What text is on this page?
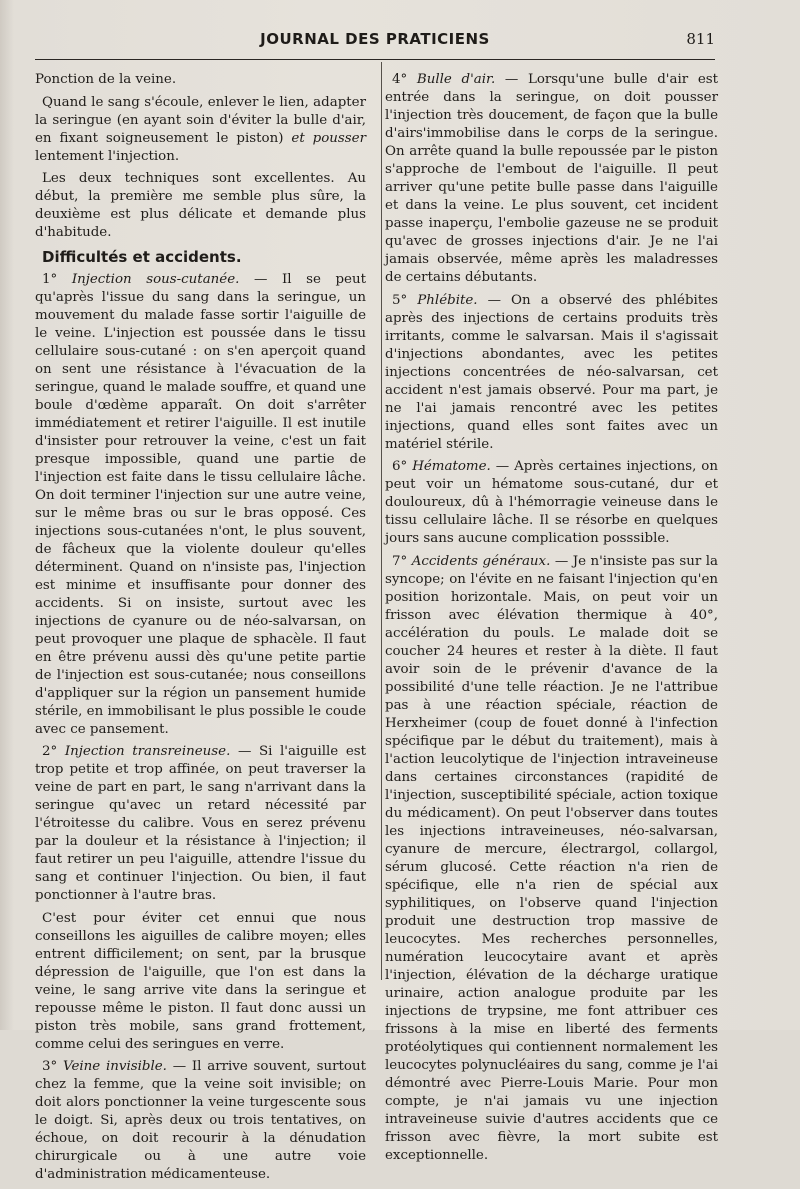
JOURNAL DES PRATICIENS	811

Ponction de la veine.

Quand le sang s'écoule, enlever le lien, adapter la seringue (en ayant soin d'éviter la bulle d'air, en fixant soigneusement le piston) et pousser lentement l'injection.

Les deux techniques sont excellentes. Au début, la première me semble plus sûre, la deuxième est plus délicate et demande plus d'habitude.

Difficultés et accidents.

1° Injection sous-cutanée. — Il se peut qu'après l'issue du sang dans la seringue, un mouvement du malade fasse sortir l'aiguille de le veine. L'injection est poussée dans le tissu cellulaire sous-cutané : on s'en aperçoit quand on sent une résistance à l'évacuation de la seringue, quand le malade souffre, et quand une boule d'œdème apparaît. On doit s'arrêter immédiatement et retirer l'aiguille. Il est inutile d'insister pour retrouver la veine, c'est un fait presque impossible, quand une partie de l'injection est faite dans le tissu cellulaire lâche. On doit terminer l'injection sur une autre veine, sur le même bras ou sur le bras opposé. Ces injections sous-cutanées n'ont, le plus souvent, de fâcheux que la violente douleur qu'elles déterminent. Quand on n'insiste pas, l'injection est minime et insuffisante pour donner des accidents. Si on insiste, surtout avec les injections de cyanure ou de néo-salvarsan, on peut provoquer une plaque de sphacèle. Il faut en être prévenu aussi dès qu'une petite partie de l'injection est sous-cutanée; nous conseillons d'appliquer sur la région un pansement humide stérile, en immobilisant le plus possible le coude avec ce pansement.

2° Injection transreineuse. — Si l'aiguille est trop petite et trop affinée, on peut traverser la veine de part en part, le sang n'arrivant dans la seringue qu'avec un retard nécessité par l'étroitesse du calibre. Vous en serez prévenu par la douleur et la résistance à l'injection; il faut retirer un peu l'aiguille, attendre l'issue du sang et continuer l'injection. Ou bien, il faut ponctionner à l'autre bras.

C'est pour éviter cet ennui que nous conseillons les aiguilles de calibre moyen; elles entrent difficilement; on sent, par la brusque dépression de l'aiguille, que l'on est dans la veine, le sang arrive vite dans la seringue et repousse même le piston. Il faut donc aussi un piston très mobile, sans grand frottement, comme celui des seringues en verre.

3° Veine invisible. — Il arrive souvent, surtout chez la femme, que la veine soit invisible; on doit alors ponctionner la veine turgescente sous le doigt. Si, après deux ou trois tentatives, on échoue, on doit recourir à la dénudation chirurgicale ou à une autre voie d'administration médicamenteuse.

4° Bulle d'air. — Lorsqu'une bulle d'air est entrée dans la seringue, on doit pousser l'injection très doucement, de façon que la bulle d'airs'immobilise dans le corps de la seringue. On arrête quand la bulle repoussée par le piston s'approche de l'embout de l'aiguille. Il peut arriver qu'une petite bulle passe dans l'aiguille et dans la veine. Le plus souvent, cet incident passe inaperçu, l'embolie gazeuse ne se produit qu'avec de grosses injections d'air. Je ne l'ai jamais observée, même après les maladresses de certains débutants.

5° Phlébite. — On a observé des phlébites après des injections de certains produits très irritants, comme le salvarsan. Mais il s'agissait d'injections abondantes, avec les petites injections concentrées de néo-salvarsan, cet accident n'est jamais observé. Pour ma part, je ne l'ai jamais rencontré avec les petites injections, quand elles sont faites avec un matériel stérile.

6° Hématome. — Après certaines injections, on peut voir un hématome sous-cutané, dur et douloureux, dû à l'hémorragie veineuse dans le tissu cellulaire lâche. Il se résorbe en quelques jours sans aucune complication posssible.

7° Accidents généraux. — Je n'insiste pas sur la syncope; on l'évite en ne faisant l'injection qu'en position horizontale. Mais, on peut voir un frisson avec élévation thermique à 40°, accélération du pouls. Le malade doit se coucher 24 heures et rester à la diète. Il faut avoir soin de le prévenir d'avance de la possibilité d'une telle réaction. Je ne l'attribue pas à une réaction spéciale, réaction de Herxheimer (coup de fouet donné à l'infection spécifique par le début du traitement), mais à l'action leucolytique de l'injection intraveineuse dans certaines circonstances (rapidité de l'injection, susceptibilité spéciale, action toxique du médicament). On peut l'observer dans toutes les injections intraveineuses, néo-salvarsan, cyanure de mercure, électrargol, collargol, sérum glucosé. Cette réaction n'a rien de spécifique, elle n'a rien de spécial aux syphilitiques, on l'observe quand l'injection produit une destruction trop massive de leucocytes. Mes recherches personnelles, numération leucocytaire avant et après l'injection, élévation de la décharge uratique urinaire, action analogue produite par les injections de trypsine, me font attribuer ces frissons à la mise en liberté des ferments protéolytiques qui contiennent normalement les leucocytes polynucléaires du sang, comme je l'ai démontré avec Pierre-Louis Marie. Pour mon compte, je n'ai jamais vu une injection intraveineuse suivie d'autres accidents que ce frisson avec fièvre, la mort subite est exceptionnelle.
